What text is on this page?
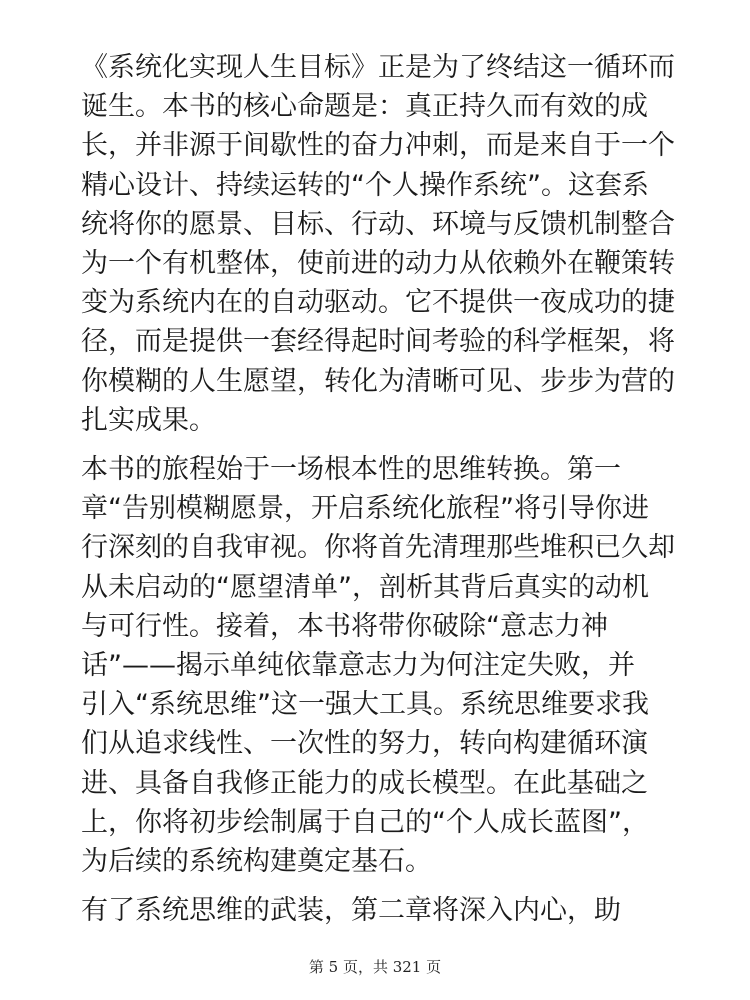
《系统化实现人生目标》正是为了终结这一循环而
诞生。本书的核心命题是：真正持久而有效的成
长，并非源于间歇性的奋力冲刺，而是来自于一个
精心设计、持续运转的“个人操作系统”。这套系
统将你的愿景、目标、行动、环境与反馈机制整合
为一个有机整体，使前进的动力从依赖外在鞭策转
变为系统内在的自动驱动。它不提供一夜成功的捷
径，而是提供一套经得起时间考验的科学框架，将
你模糊的人生愿望，转化为清晰可见、步步为营的
扎实成果。
本书的旅程始于一场根本性的思维转换。第一
章“告别模糊愿景，开启系统化旅程”将引导你进
行深刻的自我审视。你将首先清理那些堆积已久却
从未启动的“愿望清单”，剖析其背后真实的动机
与可行性。接着，本书将带你破除“意志力神
话”——揭示单纯依靠意志力为何注定失败，并
引入“系统思维”这一强大工具。系统思维要求我
们从追求线性、一次性的努力，转向构建循环演
进、具备自我修正能力的成长模型。在此基础之
上，你将初步绘制属于自己的“个人成长蓝图”，
为后续的系统构建奠定基石。
有了系统思维的武装，第二章将深入内心，助
第 5 页，共 321 页
